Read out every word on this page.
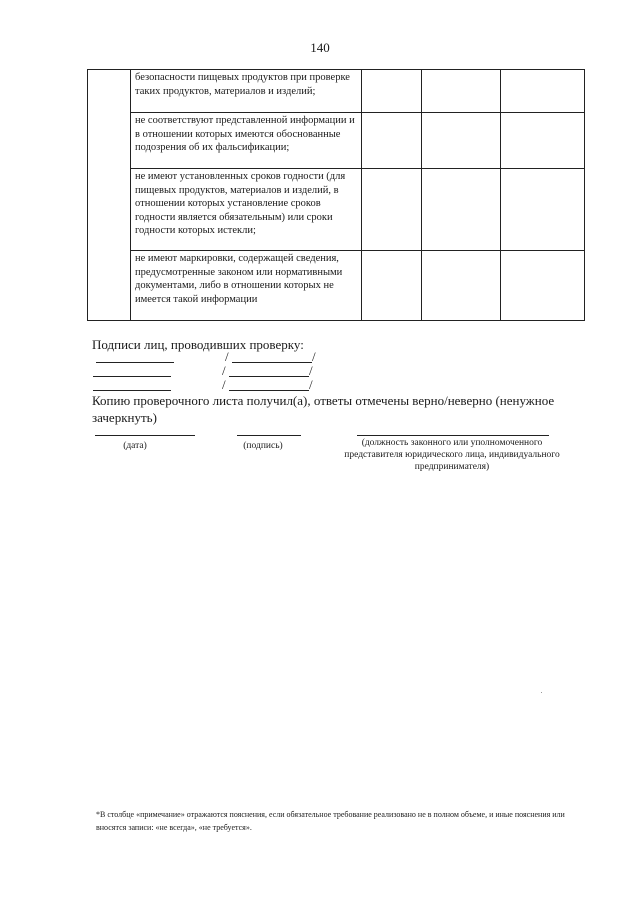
140
	безопасности пищевых продуктов при проверке таких продуктов, материалов и изделий;			
	не соответствуют представленной информации и в отношении которых имеются обоснованные подозрения об их фальсификации;			
	не имеют установленных сроков годности (для пищевых продуктов, материалов и изделий, в отношении которых установление сроков годности является обязательным) или сроки годности которых истекли;			
	не имеют маркировки, содержащей сведения, предусмотренные законом или нормативными документами, либо в отношении которых не имеется такой информации			
Подписи лиц, проводивших проверку:
/	/
/	/
/	/
Копию проверочного листа получил(а), ответы отмечены верно/неверно (ненужное зачеркнуть)
(дата)	(подпись)	(должность законного или уполномоченного представителя юридического лица, индивидуального предпринимателя)
*В столбце «примечание» отражаются пояснения, если обязательное требование реализовано не в полном объеме, и иные пояснения или вносятся записи: «не всегда», «не требуется».
